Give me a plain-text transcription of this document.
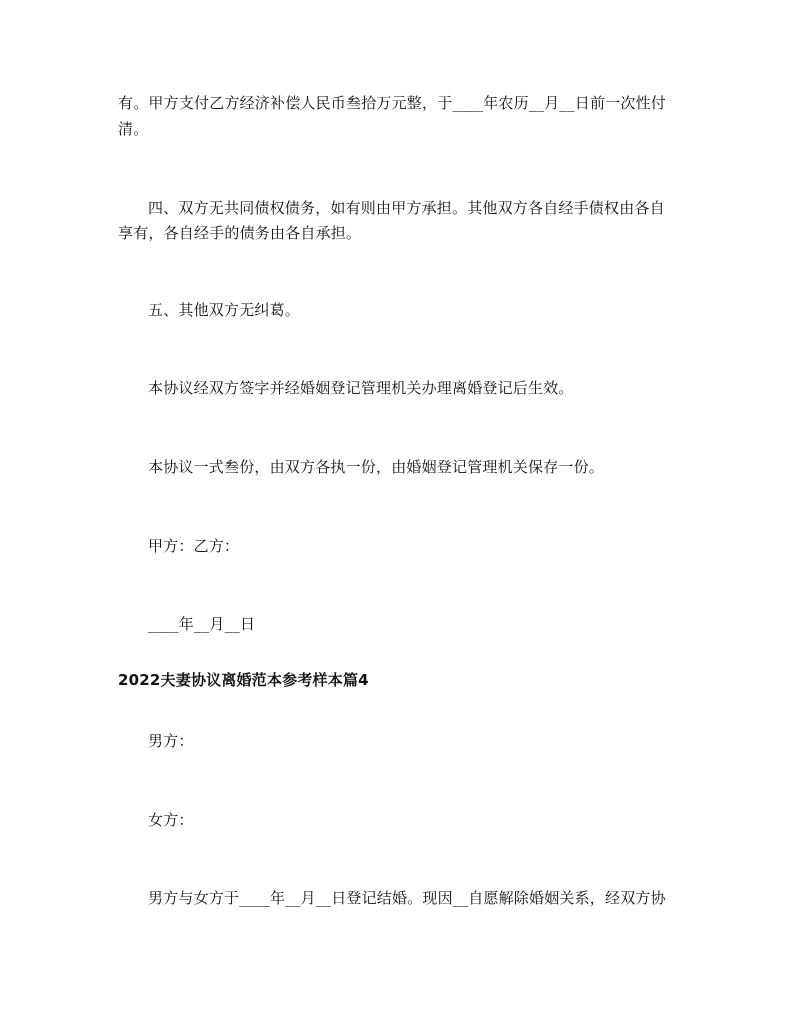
有。甲方支付乙方经济补偿人民币叁拾万元整，于____年农历__月__日前一次性付
清。
四、双方无共同债权债务，如有则由甲方承担。其他双方各自经手债权由各自
享有，各自经手的债务由各自承担。
五、其他双方无纠葛。
本协议经双方签字并经婚姻登记管理机关办理离婚登记后生效。
本协议一式叁份，由双方各执一份，由婚姻登记管理机关保存一份。
甲方：乙方：
____年__月__日
2022夫妻协议离婚范本参考样本篇4
男方：
女方：
男方与女方于____年__月__日登记结婚。现因__自愿解除婚姻关系，经双方协
